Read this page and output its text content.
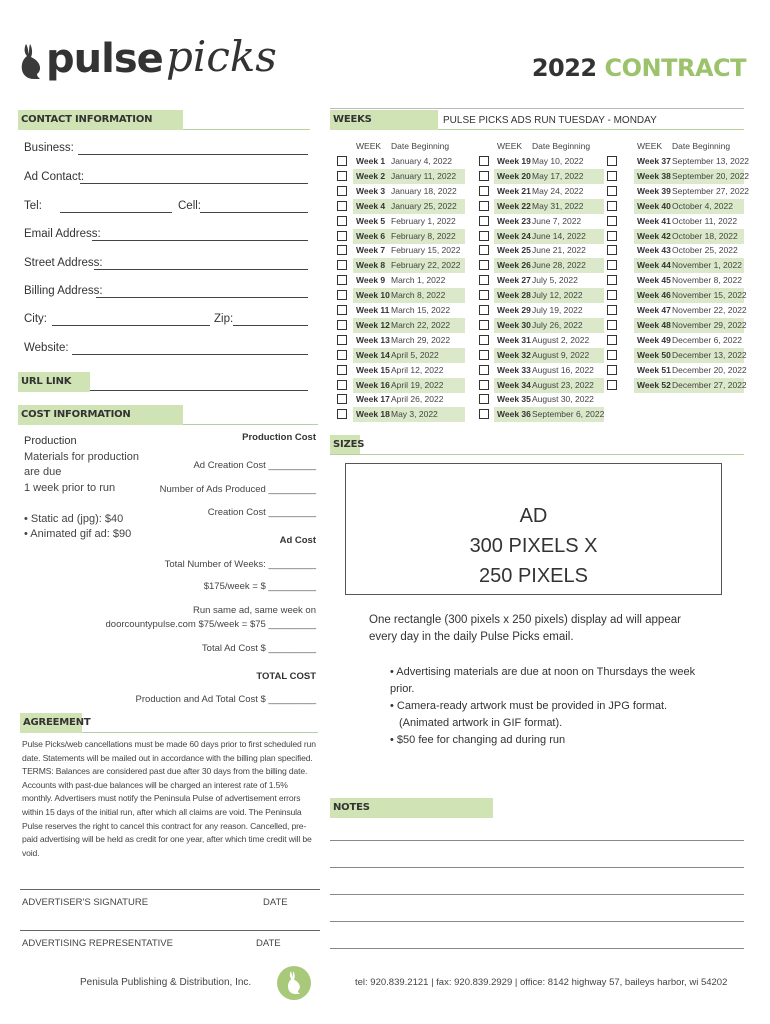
pulse picks	2022 CONTRACT
CONTACT INFORMATION
Business:
Ad Contact:
Tel:	Cell:
Email Address:
Street Address:
Billing Address:
City:	Zip:
Website:
URL LINK
WEEKS	PULSE PICKS ADS RUN TUESDAY - MONDAY
WEEK Date Beginning	WEEK Date Beginning	WEEK Date Beginning
Week 1 January 4, 2022
Week 2 January 11, 2022
Week 3 January 18, 2022
Week 4 January 25, 2022
Week 5 February 1, 2022
Week 6 February 8, 2022
Week 7 February 15, 2022
Week 8 February 22, 2022
Week 9 March 1, 2022
Week 10 March 8, 2022
Week 11 March 15, 2022
Week 12 March 22, 2022
Week 13 March 29, 2022
Week 14 April 5, 2022
Week 15 April 12, 2022
Week 16 April 19, 2022
Week 17 April 26, 2022
Week 18 May 3, 2022
Week 19 May 10, 2022
Week 20 May 17, 2022
Week 21 May 24, 2022
Week 22 May 31, 2022
Week 23 June 7, 2022
Week 24 June 14, 2022
Week 25 June 21, 2022
Week 26 June 28, 2022
Week 27 July 5, 2022
Week 28 July 12, 2022
Week 29 July 19, 2022
Week 30 July 26, 2022
Week 31 August 2, 2022
Week 32 August 9, 2022
Week 33 August 16, 2022
Week 34 August 23, 2022
Week 35 August 30, 2022
Week 36 September 6, 2022
Week 37 September 13, 2022
Week 38 September 20, 2022
Week 39 September 27, 2022
Week 40 October 4, 2022
Week 41 October 11, 2022
Week 42 October 18, 2022
Week 43 October 25, 2022
Week 44 November 1, 2022
Week 45 November 8, 2022
Week 46 November 15, 2022
Week 47 November 22, 2022
Week 48 November 29, 2022
Week 49 December 6, 2022
Week 50 December 13, 2022
Week 51 December 20, 2022
Week 52 December 27, 2022
COST INFORMATION
Production
Materials for production
are due
1 week prior to run
• Static ad (jpg): $40
• Animated gif ad: $90
Production Cost
Ad Creation Cost _________
Number of Ads Produced _________
Creation Cost _________
Ad Cost
Total Number of Weeks: _________
$175/week = $ _________
Run same ad, same week on
doorcountypulse.com $75/week = $75 _________
Total Ad Cost $ _________
TOTAL COST
Production and Ad Total Cost $ _________
SIZES
AD
300 PIXELS X
250 PIXELS
One rectangle (300 pixels x 250 pixels) display ad will appear every day in the daily Pulse Picks email.
• Advertising materials are due at noon on Thursdays the week prior.
• Camera-ready artwork must be provided in JPG format.
(Animated artwork in GIF format).
• $50 fee for changing ad during run
AGREEMENT
Pulse Picks/web cancellations must be made 60 days prior to first scheduled run date. Statements will be mailed out in accordance with the billing plan specified. TERMS: Balances are considered past due after 30 days from the billing date. Accounts with past-due balances will be charged an interest rate of 1.5% monthly. Advertisers must notify the Peninsula Pulse of advertisement errors within 15 days of the initial run, after which all claims are void. The Peninsula Pulse reserves the right to cancel this contract for any reason. Cancelled, pre-paid advertising will be held as credit for one year, after which time credit will be void.
NOTES
ADVERTISER'S SIGNATURE	DATE
ADVERTISING REPRESENTATIVE	DATE
Penisula Publishing & Distribution, Inc.	tel: 920.839.2121 | fax: 920.839.2929 | office: 8142 highway 57, baileys harbor, wi 54202
